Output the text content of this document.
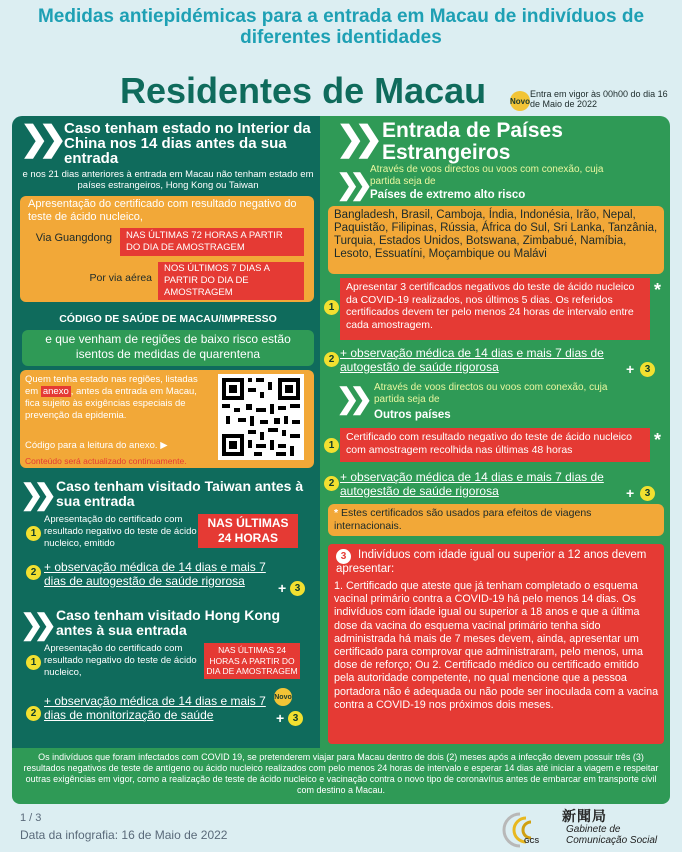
Medidas antiepidémicas para a entrada em Macau de indivíduos de diferentes identidades
Residentes de Macau	Novo
Entra em vigor às 00h00 do dia 16 de Maio de 2022
❯❯ Caso tenham estado no Interior da China nos 14 dias antes da sua entrada
e nos 21 dias anteriores à entrada em Macau não tenham estado em países estrangeiros, Hong Kong ou Taiwan
Apresentação do certificado com resultado negativo do teste de ácido nucleico,
Via Guangdong	NAS ÚLTIMAS 72 HORAS A PARTIR DO DIA DE AMOSTRAGEM
Por via aérea
NOS ÚLTIMOS 7 DIAS A PARTIR DO DIA DE AMOSTRAGEM
CÓDIGO DE SAÚDE DE MACAU/IMPRESSO
e que venham de regiões de baixo risco estão isentos de medidas de quarentena
Quem tenha estado nas regiões, listadas em anexo , antes da entrada em Macau, fica sujeito às exigências especiais de prevenção da epidemia.
Código para a leitura do anexo. ▶
Conteúdo será actualizado continuamente.
❯❯ Caso tenham visitado Taiwan antes à sua entrada
1
Apresentação do certificado com resultado negativo do teste de ácido nucleico, emitido
NAS ÚLTIMAS 24 HORAS
2 + observação médica de 14 dias e mais 7 dias de autogestão de saúde rigorosa	+ 3
❯❯ Caso tenham visitado Hong Kong antes à sua entrada
1
Apresentação do certificado com resultado negativo do teste de ácido nucleico,
NAS ÚLTIMAS 24 HORAS A PARTIR DO DIA DE AMOSTRAGEM
2
+ observação médica de 14 dias e mais 7 dias de monitorização de saúde
Novo
+ 3
❯❯ Entrada de Países Estrangeiros
❯❯ Através de voos directos ou voos com conexão, cuja partida seja de
Países de extremo alto risco
Bangladesh, Brasil, Camboja, Índia, Indonésia, Irão, Nepal, Paquistão, Filipinas, Rússia, África do Sul, Sri Lanka, Tanzânia, Turquia, Estados Unidos, Botswana, Zimbabué, Namíbia, Lesoto, Essuatíni, Moçambique ou Malávi
1
Apresentar 3 certificados negativos do teste de ácido nucleico da COVID-19 realizados, nos últimos 5 dias. Os referidos certificados devem ter pelo menos 24 horas de intervalo entre cada amostragem.
*
2 + observação médica de 14 dias e mais 7 dias de autogestão de saúde rigorosa	+	3
❯❯ Através de voos directos ou voos com conexão, cuja partida seja de
Outros países
1
Certificado com resultado negativo do teste de ácido nucleico com amostragem recolhida nas últimas 48 horas	*
2 + observação médica de 14 dias e mais 7 dias de autogestão de saúde rigorosa	+	3
* Estes certificados são usados para efeitos de viagens internacionais.
3	Indivíduos com idade igual ou superior a 12 anos devem apresentar:
1. Certificado que ateste que já tenham completado o esquema vacinal primário contra a COVID-19 há pelo menos 14 dias. Os indivíduos com idade igual ou superior a 18 anos e que a última dose da vacina do esquema vacinal primário tenha sido administrada há mais de 7 meses devem, ainda, apresentar um certificado para comprovar que administraram, pelo menos, uma dose de reforço; Ou 2. Certificado médico ou certificado emitido pela autoridade competente, no qual mencione que a pessoa portadora não é adequada ou não pode ser inoculada com a vacina contra a COVID-19 nos próximos dois meses.
Os indivíduos que foram infectados com COVID 19, se pretenderem viajar para Macau dentro de dois (2) meses após a infecção devem possuir três (3) resultados negativos de teste de antígeno ou ácido nucleico realizados com pelo menos 24 horas de intervalo e esperar 14 dias até iniciar a viagem e respeitar outras exigências em vigor, como a realização de teste de ácido nucleico e vacinação contra o novo tipo de coronavírus antes de embarcar em transporte civil com destino a Macau.
1 / 3
Data da infografia: 16 de Maio de 2022	GCS
新聞局
Gabinete de
Comunicação Social
